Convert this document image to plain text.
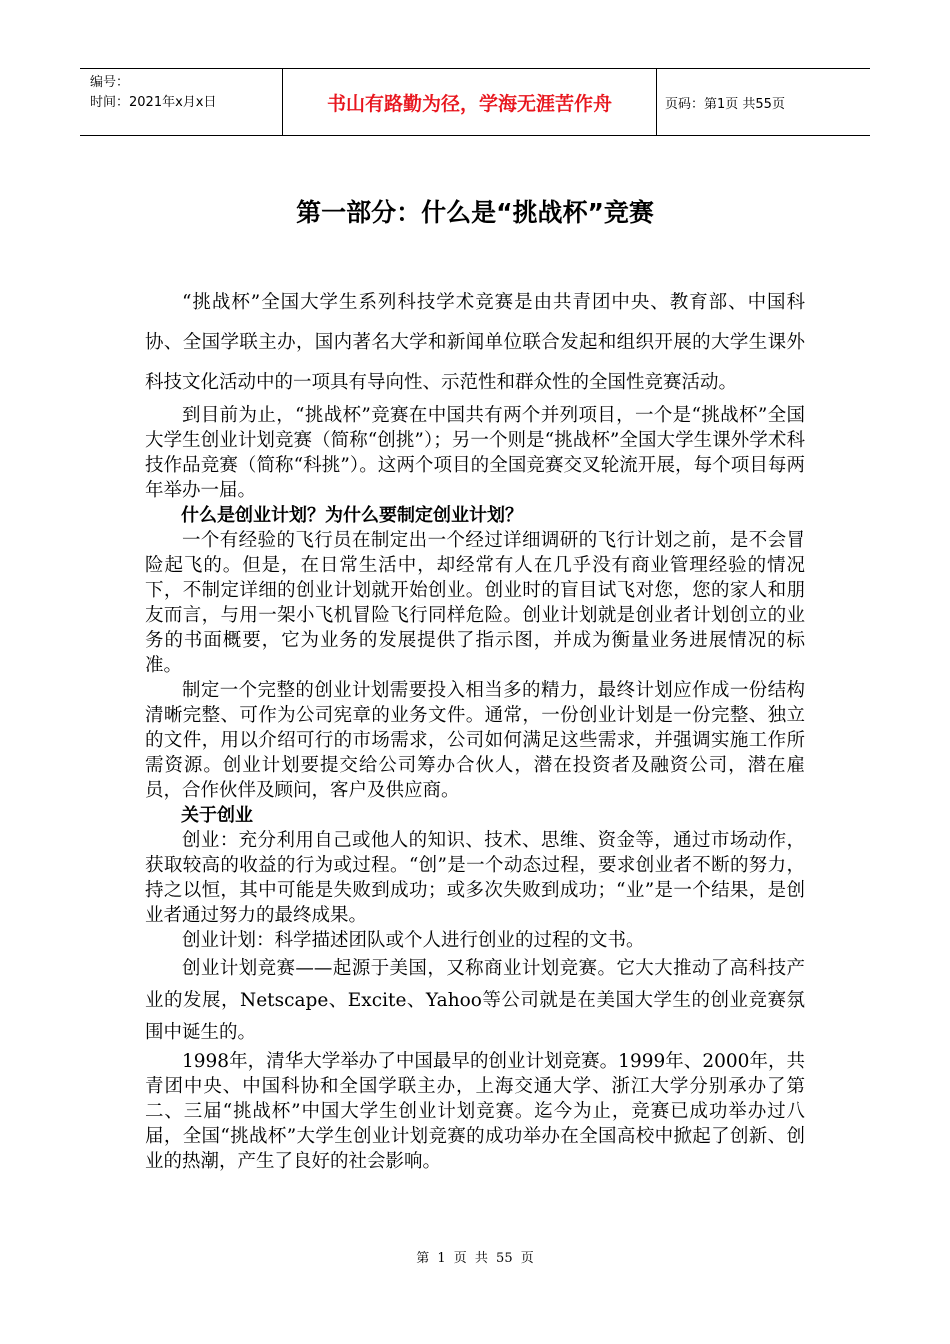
编号：
时间：2021年x月x日	书山有路勤为径，学海无涯苦作舟	页码：第1页 共55页
第一部分：什么是“挑战杯”竞赛

“挑战杯”全国大学生系列科技学术竞赛是由共青团中央、教育部、中国科协、全国学联主办，国内著名大学和新闻单位联合发起和组织开展的大学生课外科技文化活动中的一项具有导向性、示范性和群众性的全国性竞赛活动。

到目前为止，“挑战杯”竞赛在中国共有两个并列项目，一个是“挑战杯”全国大学生创业计划竞赛（简称“创挑”）；另一个则是“挑战杯”全国大学生课外学术科技作品竞赛（简称“科挑”）。这两个项目的全国竞赛交叉轮流开展，每个项目每两年举办一届。

什么是创业计划？为什么要制定创业计划？

一个有经验的飞行员在制定出一个经过详细调研的飞行计划之前，是不会冒险起飞的。但是，在日常生活中，却经常有人在几乎没有商业管理经验的情况下，不制定详细的创业计划就开始创业。创业时的盲目试飞对您，您的家人和朋友而言，与用一架小飞机冒险飞行同样危险。创业计划就是创业者计划创立的业务的书面概要，它为业务的发展提供了指示图，并成为衡量业务进展情况的标准。

制定一个完整的创业计划需要投入相当多的精力，最终计划应作成一份结构清晰完整、可作为公司宪章的业务文件。通常，一份创业计划是一份完整、独立的文件，用以介绍可行的市场需求，公司如何满足这些需求，并强调实施工作所需资源。创业计划要提交给公司筹办合伙人，潜在投资者及融资公司，潜在雇员，合作伙伴及顾问，客户及供应商。

关于创业

创业：充分利用自己或他人的知识、技术、思维、资金等，通过市场动作，获取较高的收益的行为或过程。“创”是一个动态过程，要求创业者不断的努力，持之以恒，其中可能是失败到成功；或多次失败到成功；“业”是一个结果，是创业者通过努力的最终成果。

创业计划：科学描述团队或个人进行创业的过程的文书。

创业计划竞赛——起源于美国，又称商业计划竞赛。它大大推动了高科技产业的发展，Netscape、Excite、Yahoo等公司就是在美国大学生的创业竞赛氛围中诞生的。

1998年，清华大学举办了中国最早的创业计划竞赛。1999年、2000年，共青团中央、中国科协和全国学联主办，上海交通大学、浙江大学分别承办了第二、三届“挑战杯”中国大学生创业计划竞赛。迄今为止，竞赛已成功举办过八届，全国“挑战杯”大学生创业计划竞赛的成功举办在全国高校中掀起了创新、创业的热潮，产生了良好的社会影响。

第 1 页 共 55 页
